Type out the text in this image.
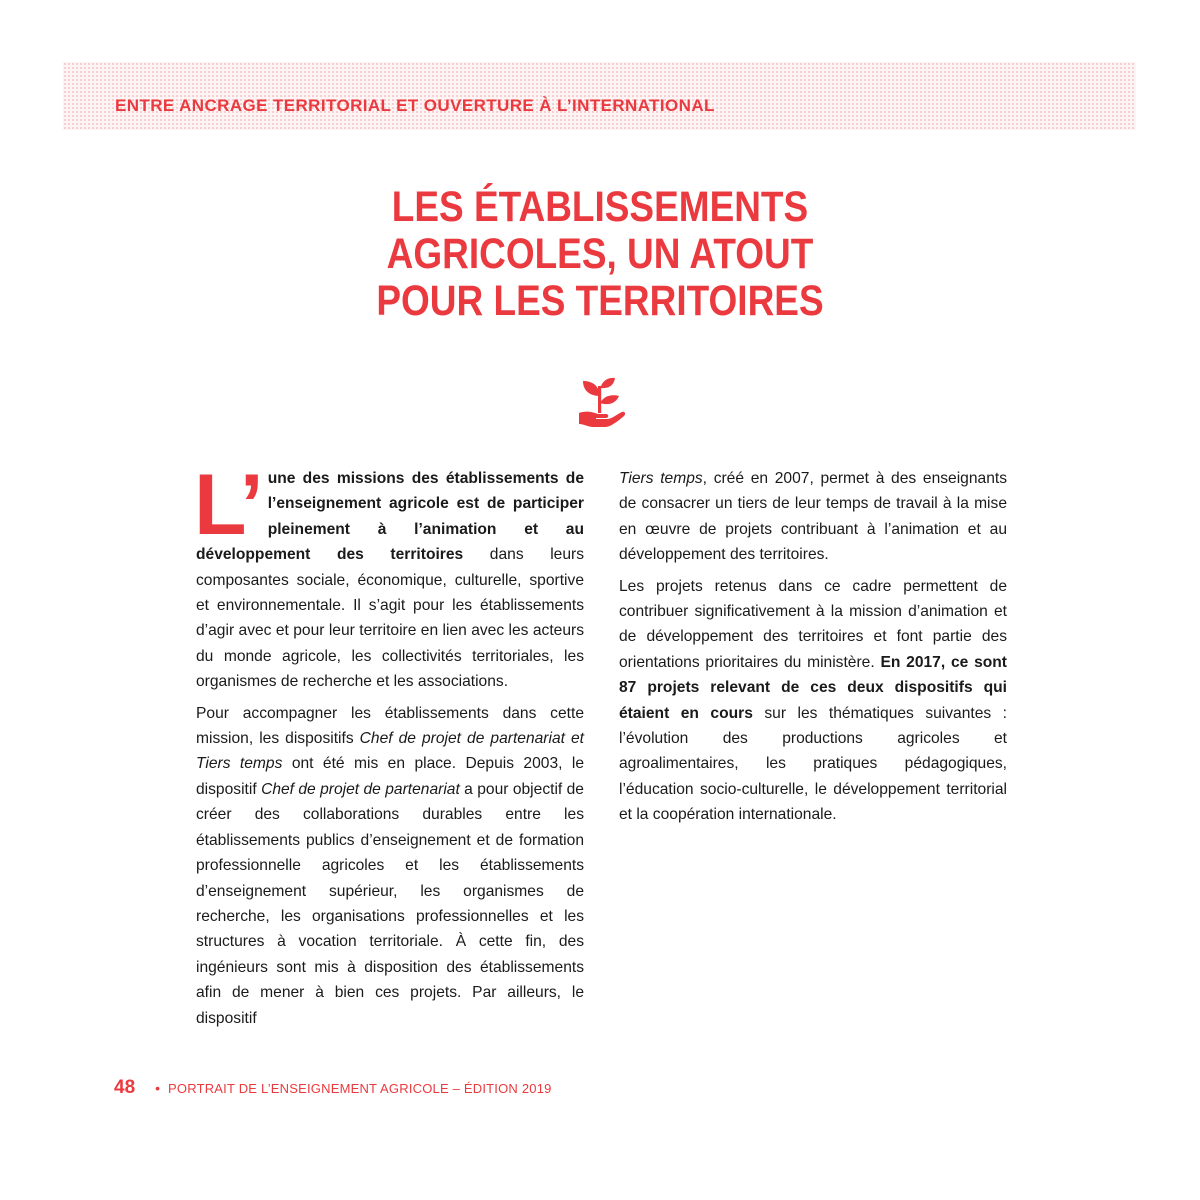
ENTRE ANCRAGE TERRITORIAL ET OUVERTURE À L’INTERNATIONAL
LES ÉTABLISSEMENTS
AGRICOLES, UN ATOUT
POUR LES TERRITOIRES

L’ une des missions des établissements de l’enseignement agricole est de participer pleinement à l’animation et au développement des territoires dans leurs composantes sociale, économique, culturelle, sportive et environnementale. Il s’agit pour les établissements d’agir avec et pour leur territoire en lien avec les acteurs du monde agricole, les collectivités territoriales, les organismes de recherche et les associations.

Pour accompagner les établissements dans cette mission, les dispositifs Chef de projet de partenariat et Tiers temps ont été mis en place. Depuis 2003, le dispositif Chef de projet de partenariat a pour objectif de créer des collaborations durables entre les établissements publics d’enseignement et de formation professionnelle agricoles et les établissements d’enseignement supérieur, les organismes de recherche, les organisations professionnelles et les structures à vocation territoriale. À cette fin, des ingénieurs sont mis à disposition des établissements afin de mener à bien ces projets. Par ailleurs, le dispositif

Tiers temps, créé en 2007, permet à des enseignants de consacrer un tiers de leur temps de travail à la mise en œuvre de projets contribuant à l’animation et au développement des territoires.

Les projets retenus dans ce cadre permettent de contribuer significativement à la mission d’animation et de développement des territoires et font partie des orientations prioritaires du ministère. En 2017, ce sont 87 projets relevant de ces deux dispositifs qui étaient en cours sur les thématiques suivantes : l’évolution des productions agricoles et agroalimentaires, les pratiques pédagogiques, l’éducation socio-culturelle, le développement territorial et la coopération internationale.

48 • PORTRAIT DE L’ENSEIGNEMENT AGRICOLE – ÉDITION 2019
